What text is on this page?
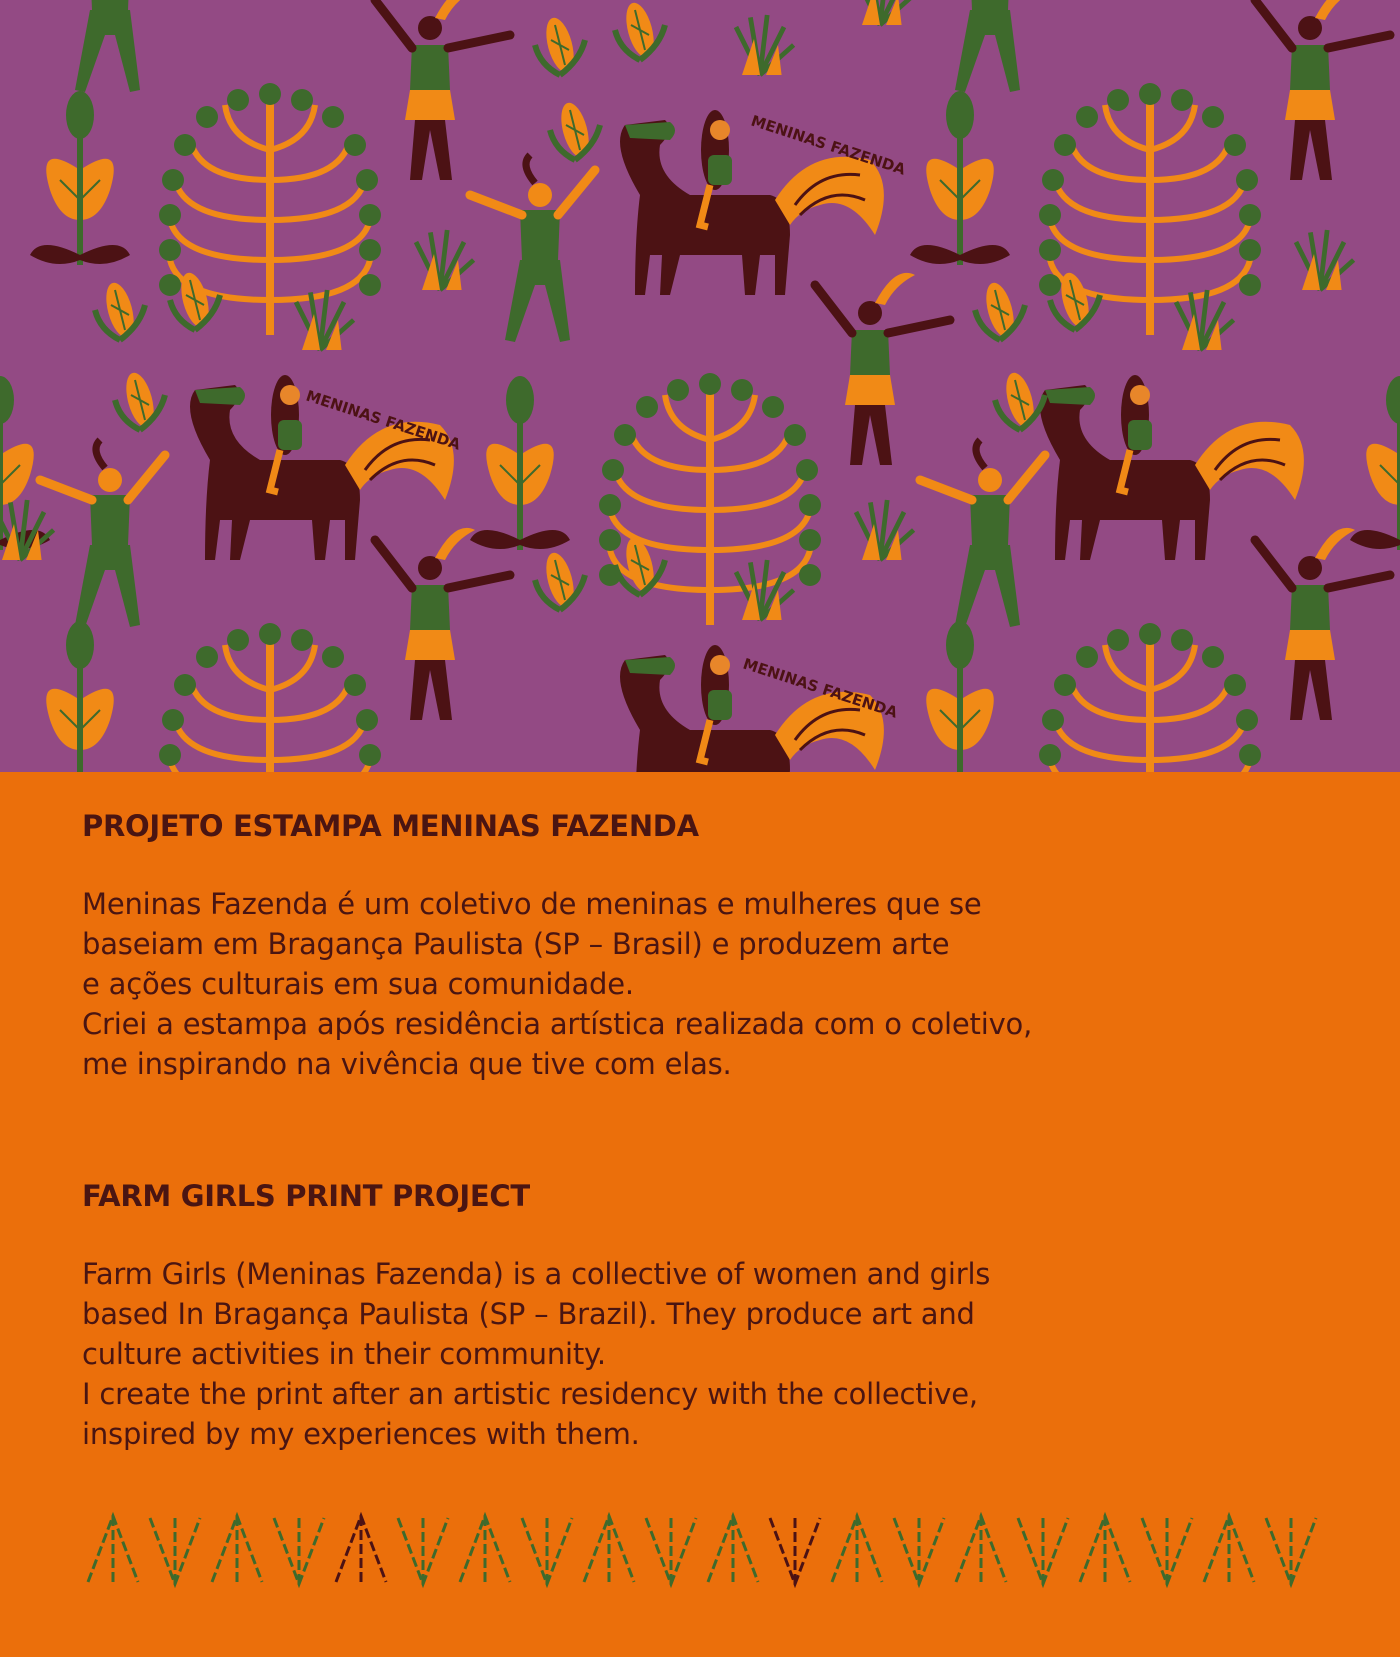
MENINAS FAZENDA
MENINAS FAZENDA
MENINAS FAZENDA
PROJETO ESTAMPA MENINAS FAZENDA

Meninas Fazenda é um coletivo de meninas e mulheres que se

baseiam em Bragança Paulista (SP – Brasil) e produzem arte

e ações culturais em sua comunidade.

Criei a estampa após residência artística realizada com o coletivo,

me inspirando na vivência que tive com elas.

FARM GIRLS PRINT PROJECT

Farm Girls (Meninas Fazenda) is a collective of women and girls

based In Bragança Paulista (SP – Brazil). They produce art and

culture activities in their community.

I create the print after an artistic residency with the collective,

inspired by my experiences with them.
